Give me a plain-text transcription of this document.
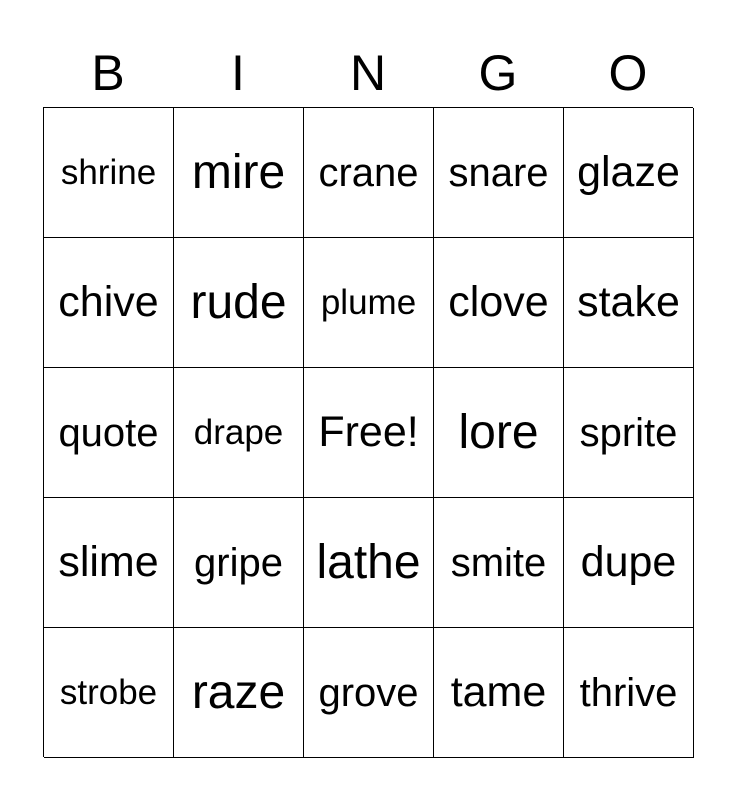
B	I	N	G	O
shrine mire crane snare glaze
chive rude plume clove stake
quote	drape Free! lore	sprite
slime gripe lathe smite dupe
strobe raze grove tame thrive
